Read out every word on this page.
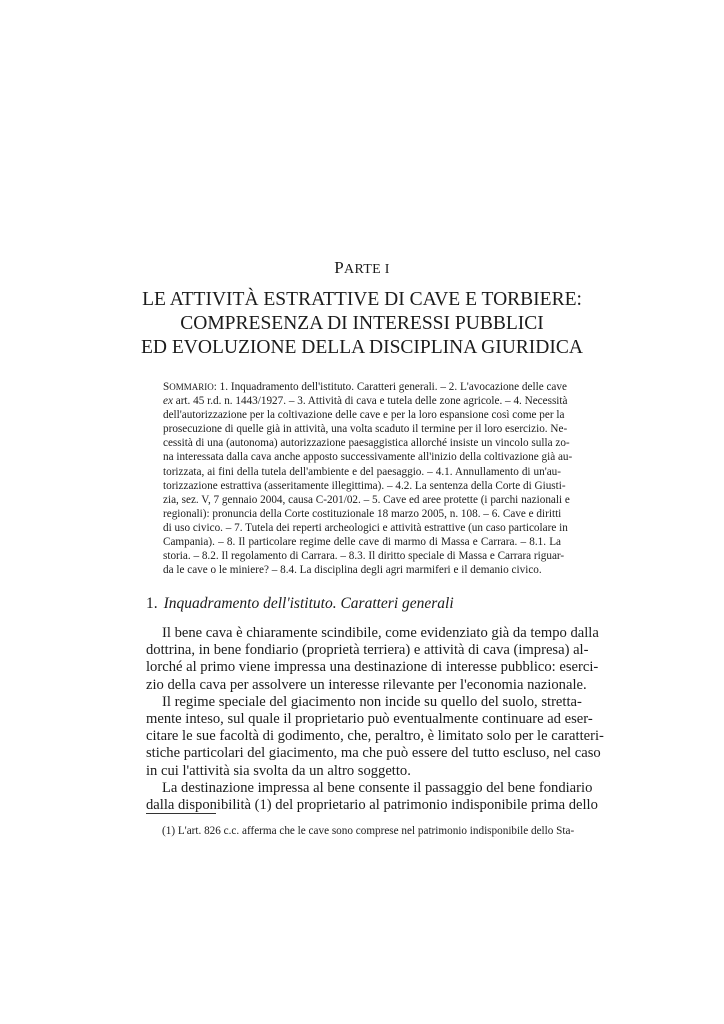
PARTE I
LE ATTIVITÀ ESTRATTIVE DI CAVE E TORBIERE:
COMPRESENZA DI INTERESSI PUBBLICI
ED EVOLUZIONE DELLA DISCIPLINA GIURIDICA
SOMMARIO: 1. Inquadramento dell'istituto. Caratteri generali. – 2. L'avocazione delle cave
ex art. 45 r.d. n. 1443/1927. – 3. Attività di cava e tutela delle zone agricole. – 4. Necessità
dell'autorizzazione per la coltivazione delle cave e per la loro espansione così come per la
prosecuzione di quelle già in attività, una volta scaduto il termine per il loro esercizio. Ne-
cessità di una (autonoma) autorizzazione paesaggistica allorché insiste un vincolo sulla zo-
na interessata dalla cava anche apposto successivamente all'inizio della coltivazione già au-
torizzata, ai fini della tutela dell'ambiente e del paesaggio. – 4.1. Annullamento di un'au-
torizzazione estrattiva (asseritamente illegittima). – 4.2. La sentenza della Corte di Giusti-
zia, sez. V, 7 gennaio 2004, causa C-201/02. – 5. Cave ed aree protette (i parchi nazionali e
regionali): pronuncia della Corte costituzionale 18 marzo 2005, n. 108. – 6. Cave e diritti
di uso civico. – 7. Tutela dei reperti archeologici e attività estrattive (un caso particolare in
Campania). – 8. Il particolare regime delle cave di marmo di Massa e Carrara. – 8.1. La
storia. – 8.2. Il regolamento di Carrara. – 8.3. Il diritto speciale di Massa e Carrara riguar-
da le cave o le miniere? – 8.4. La disciplina degli agri marmiferi e il demanio civico.
1. Inquadramento dell'istituto. Caratteri generali
Il bene cava è chiaramente scindibile, come evidenziato già da tempo dalla
dottrina, in bene fondiario (proprietà terriera) e attività di cava (impresa) al-
lorché al primo viene impressa una destinazione di interesse pubblico: eserci-
zio della cava per assolvere un interesse rilevante per l'economia nazionale.
Il regime speciale del giacimento non incide su quello del suolo, stretta-
mente inteso, sul quale il proprietario può eventualmente continuare ad eser-
citare le sue facoltà di godimento, che, peraltro, è limitato solo per le caratteri-
stiche particolari del giacimento, ma che può essere del tutto escluso, nel caso
in cui l'attività sia svolta da un altro soggetto.
La destinazione impressa al bene consente il passaggio del bene fondiario
dalla disponibilità (1) del proprietario al patrimonio indisponibile prima dello
(1) L'art. 826 c.c. afferma che le cave sono comprese nel patrimonio indisponibile dello Sta-
